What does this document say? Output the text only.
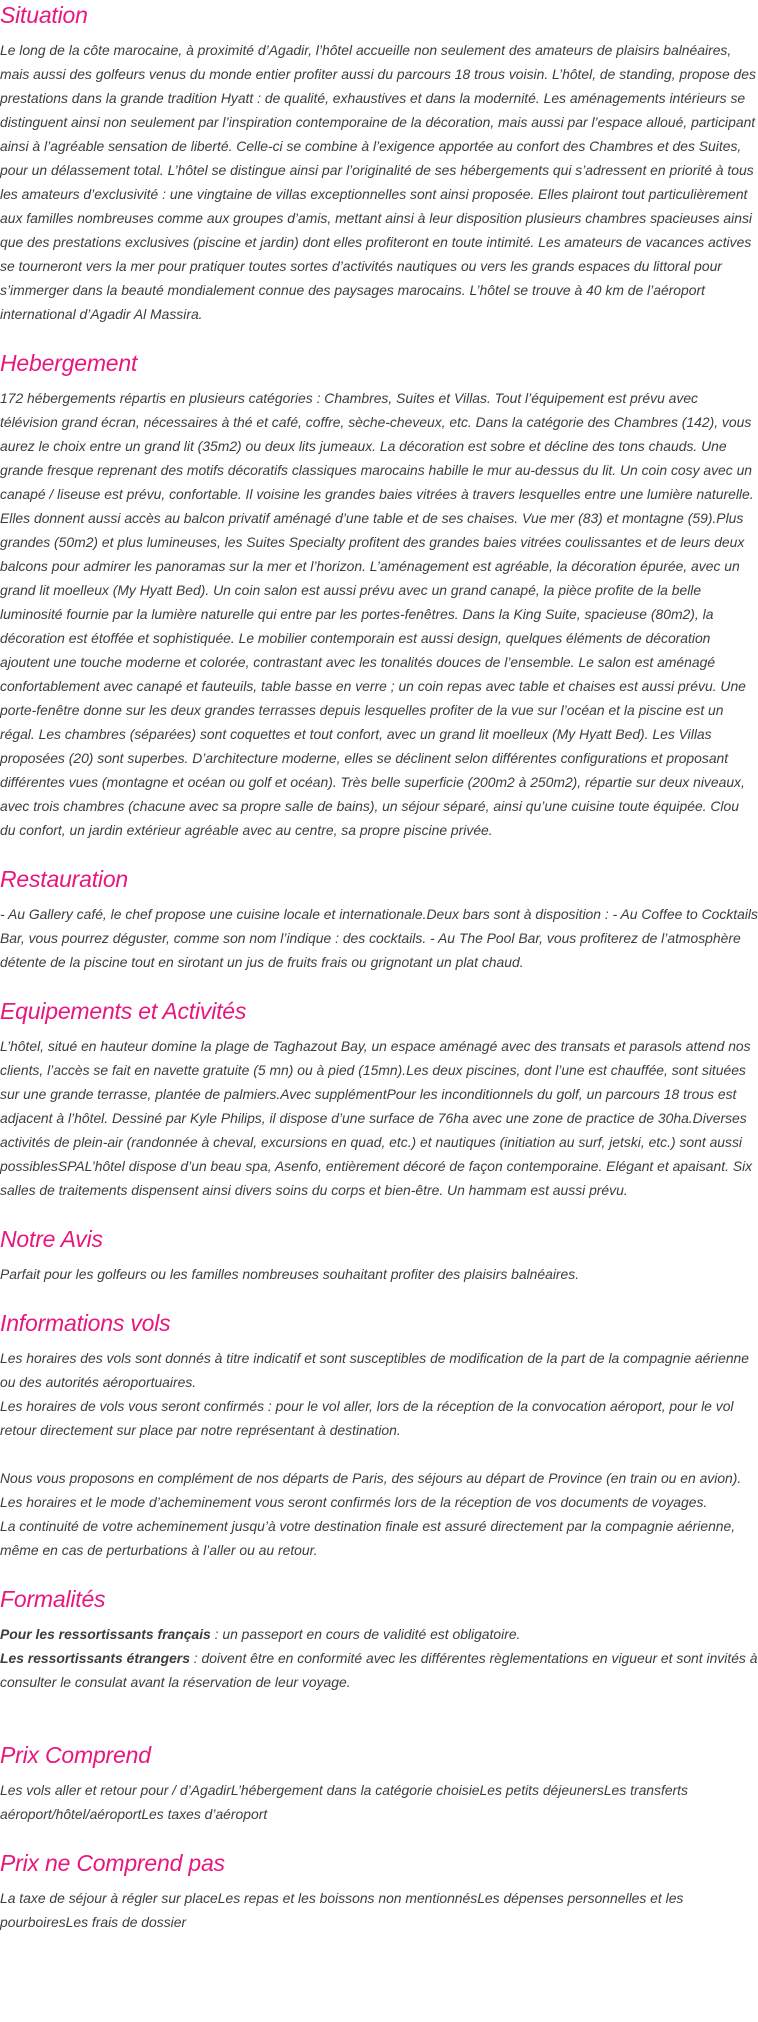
Situation

Le long de la côte marocaine, à proximité d’Agadir, l’hôtel accueille non seulement des amateurs de plaisirs balnéaires, mais aussi des golfeurs venus du monde entier profiter aussi du parcours 18 trous voisin. L’hôtel, de standing, propose des prestations dans la grande tradition Hyatt : de qualité, exhaustives et dans la modernité. Les aménagements intérieurs se distinguent ainsi non seulement par l’inspiration contemporaine de la décoration, mais aussi par l’espace alloué, participant ainsi à l’agréable sensation de liberté. Celle-ci se combine à l’exigence apportée au confort des Chambres et des Suites, pour un délassement total. L’hôtel se distingue ainsi par l’originalité de ses hébergements qui s’adressent en priorité à tous les amateurs d’exclusivité : une vingtaine de villas exceptionnelles sont ainsi proposée. Elles plairont tout particulièrement aux familles nombreuses comme aux groupes d’amis, mettant ainsi à leur disposition plusieurs chambres spacieuses ainsi que des prestations exclusives (piscine et jardin) dont elles profiteront en toute intimité. Les amateurs de vacances actives se tourneront vers la mer pour pratiquer toutes sortes d’activités nautiques ou vers les grands espaces du littoral pour s’immerger dans la beauté mondialement connue des paysages marocains. L’hôtel se trouve à 40 km de l’aéroport international d’Agadir Al Massira.

Hebergement

172 hébergements répartis en plusieurs catégories : Chambres, Suites et Villas. Tout l’équipement est prévu avec télévision grand écran, nécessaires à thé et café, coffre, sèche-cheveux, etc. Dans la catégorie des Chambres (142), vous aurez le choix entre un grand lit (35m2) ou deux lits jumeaux. La décoration est sobre et décline des tons chauds. Une grande fresque reprenant des motifs décoratifs classiques marocains habille le mur au-dessus du lit. Un coin cosy avec un canapé / liseuse est prévu, confortable. Il voisine les grandes baies vitrées à travers lesquelles entre une lumière naturelle. Elles donnent aussi accès au balcon privatif aménagé d’une table et de ses chaises. Vue mer (83) et montagne (59).Plus grandes (50m2) et plus lumineuses, les Suites Specialty profitent des grandes baies vitrées coulissantes et de leurs deux balcons pour admirer les panoramas sur la mer et l’horizon. L’aménagement est agréable, la décoration épurée, avec un grand lit moelleux (My Hyatt Bed). Un coin salon est aussi prévu avec un grand canapé, la pièce profite de la belle luminosité fournie par la lumière naturelle qui entre par les portes-fenêtres. Dans la King Suite, spacieuse (80m2), la décoration est étoffée et sophistiquée. Le mobilier contemporain est aussi design, quelques éléments de décoration ajoutent une touche moderne et colorée, contrastant avec les tonalités douces de l’ensemble. Le salon est aménagé confortablement avec canapé et fauteuils, table basse en verre ; un coin repas avec table et chaises est aussi prévu. Une porte-fenêtre donne sur les deux grandes terrasses depuis lesquelles profiter de la vue sur l’océan et la piscine est un régal. Les chambres (séparées) sont coquettes et tout confort, avec un grand lit moelleux (My Hyatt Bed). Les Villas proposées (20) sont superbes. D’architecture moderne, elles se déclinent selon différentes configurations et proposant différentes vues (montagne et océan ou golf et océan). Très belle superficie (200m2 à 250m2), répartie sur deux niveaux, avec trois chambres (chacune avec sa propre salle de bains), un séjour séparé, ainsi qu’une cuisine toute équipée. Clou du confort, un jardin extérieur agréable avec au centre, sa propre piscine privée.

Restauration

- Au Gallery café, le chef propose une cuisine locale et internationale.Deux bars sont à disposition : - Au Coffee to Cocktails Bar, vous pourrez déguster, comme son nom l’indique : des cocktails. - Au The Pool Bar, vous profiterez de l’atmosphère détente de la piscine tout en sirotant un jus de fruits frais ou grignotant un plat chaud.

Equipements et Activités

L’hôtel, situé en hauteur domine la plage de Taghazout Bay, un espace aménagé avec des transats et parasols attend nos clients, l’accès se fait en navette gratuite (5 mn) ou à pied (15mn).Les deux piscines, dont l’une est chauffée, sont situées sur une grande terrasse, plantée de palmiers.Avec supplémentPour les inconditionnels du golf, un parcours 18 trous est adjacent à l’hôtel. Dessiné par Kyle Philips, il dispose d’une surface de 76ha avec une zone de practice de 30ha.Diverses activités de plein-air (randonnée à cheval, excursions en quad, etc.) et nautiques (initiation au surf, jetski, etc.) sont aussi possiblesSPAL’hôtel dispose d’un beau spa, Asenfo, entièrement décoré de façon contemporaine. Elégant et apaisant. Six salles de traitements dispensent ainsi divers soins du corps et bien-être. Un hammam est aussi prévu.

Notre Avis

Parfait pour les golfeurs ou les familles nombreuses souhaitant profiter des plaisirs balnéaires.

Informations vols

Les horaires des vols sont donnés à titre indicatif et sont susceptibles de modification de la part de la compagnie aérienne ou des autorités aéroportuaires.

Les horaires de vols vous seront confirmés : pour le vol aller, lors de la réception de la convocation aéroport, pour le vol retour directement sur place par notre représentant à destination.

Nous vous proposons en complément de nos départs de Paris, des séjours au départ de Province (en train ou en avion).

Les horaires et le mode d’acheminement vous seront confirmés lors de la réception de vos documents de voyages.

La continuité de votre acheminement jusqu’à votre destination finale est assuré directement par la compagnie aérienne, même en cas de perturbations à l’aller ou au retour.

Formalités

Pour les ressortissants français : un passeport en cours de validité est obligatoire.

Les ressortissants étrangers : doivent être en conformité avec les différentes règlementations en vigueur et sont invités à consulter le consulat avant la réservation de leur voyage.

Prix Comprend

Les vols aller et retour pour / d’AgadirL’hébergement dans la catégorie choisieLes petits déjeunersLes transferts aéroport/hôtel/aéroportLes taxes d’aéroport

Prix ne Comprend pas

La taxe de séjour à régler sur placeLes repas et les boissons non mentionnésLes dépenses personnelles et les pourboiresLes frais de dossier
